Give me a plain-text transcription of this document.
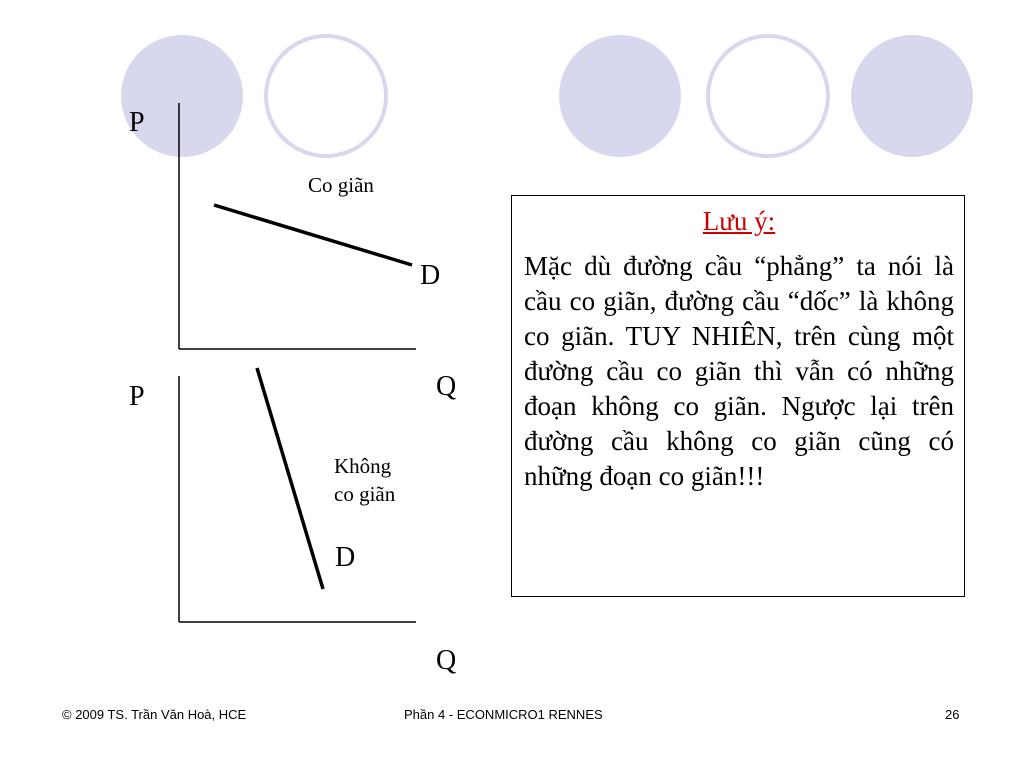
P
Co giãn
D
Q
P
Không
co giãn
D
Q
Lưu ý:

Mặc dù đường cầu “phẳng” ta nói là cầu co giãn, đường cầu “dốc” là không co giãn. TUY NHIÊN, trên cùng một đường cầu co giãn thì vẫn có những đoạn không co giãn. Ngược lại trên đường cầu không co giãn cũng có những đoạn co giãn!!!

© 2009 TS. Trần Văn Hoà, HCE	Phần 4 - ECONMICRO1 RENNES	26
